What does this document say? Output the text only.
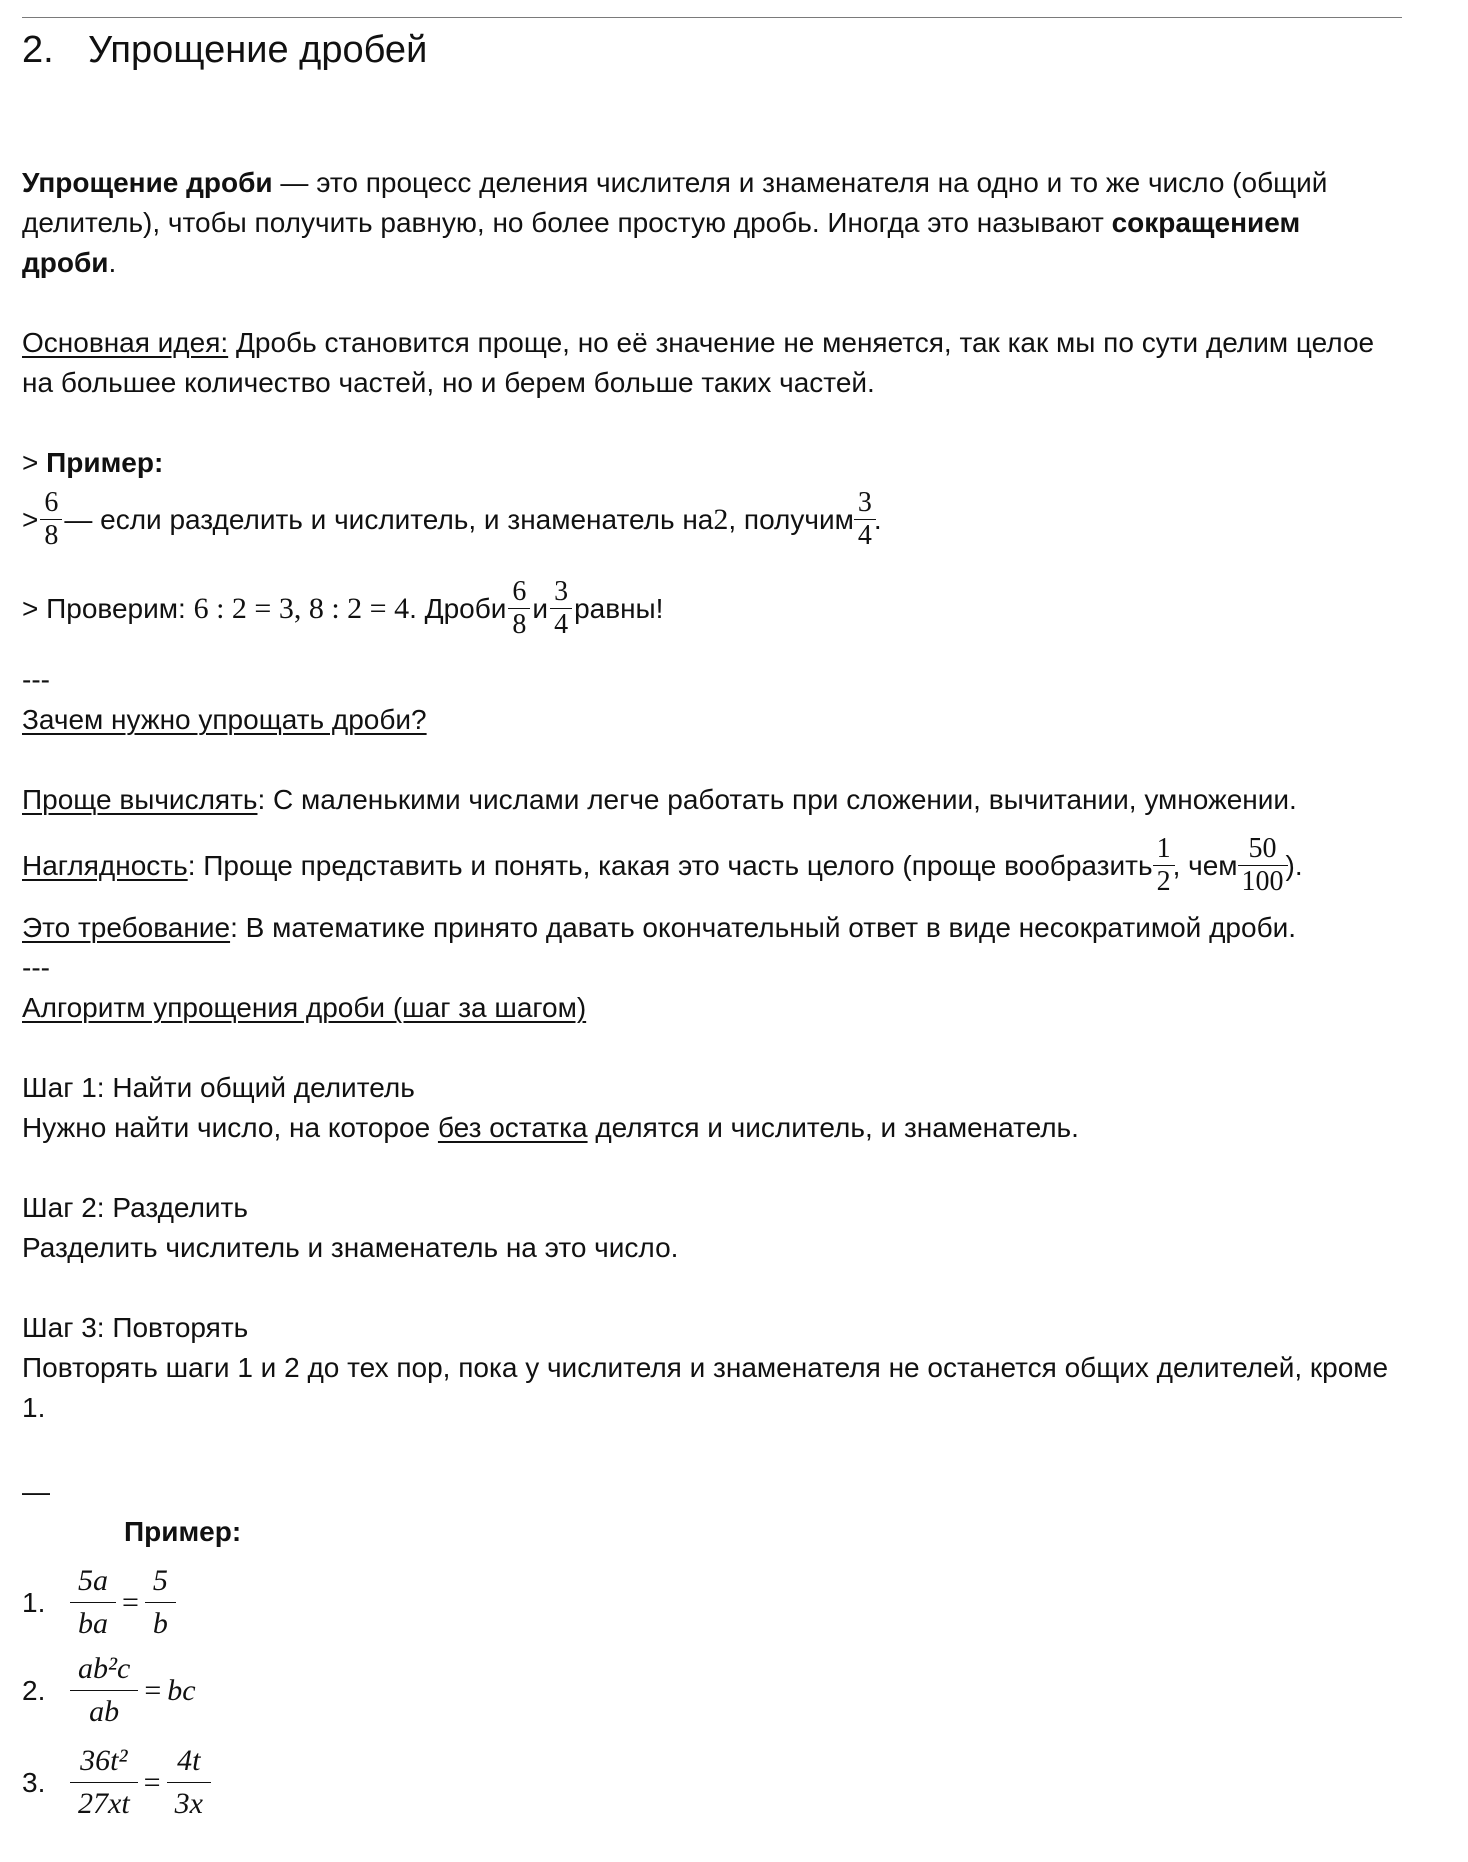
2. Упрощение дробей

Упрощение дроби — это процесс деления числителя и знаменателя на одно и то же число (общий делитель), чтобы получить равную, но более простую дробь. Иногда это называют сокращением дроби.

Основная идея: Дробь становится проще, но её значение не меняется, так как мы по сути делим целое на большее количество частей, но и берем больше таких частей.

> Пример:

> $\frac{6}{8}$ — если разделить и числитель, и знаменатель на 2 , получим $\frac{3}{4}$ .
> Проверим: 6 : 2 = 3, 8 : 2 = 4 . Дроби $\frac{6}{8}$ и $\frac{3}{4}$ равны!

---

Зачем нужно упрощать дроби?

Проще вычислять: С маленькими числами легче работать при сложении, вычитании, умножении.

Наглядность : Проще представить и понять, какая это часть целого (проще вообразить $\frac{1}{2}$ , чем $\frac{50}{100}$ ).

Это требование: В математике принято давать окончательный ответ в виде несократимой дроби.

---

Алгоритм упрощения дроби (шаг за шагом)

Шаг 1: Найти общий делитель
Нужно найти число, на которое без остатка делятся и числитель, и знаменатель.

Шаг 2: Разделить
Разделить числитель и знаменатель на это число.

Шаг 3: Повторять
Повторять шаги 1 и 2 до тех пор, пока у числителя и знаменателя не останется общих делителей, кроме 1.

—

Пример:

1. $\frac{5a}{ba} = \frac{5}{b}$
2. $\frac{\text{ab²c}}{ab}$ = bc
3. $\frac{\text{36t²}}{27xt} = \frac{4t}{3x}$
